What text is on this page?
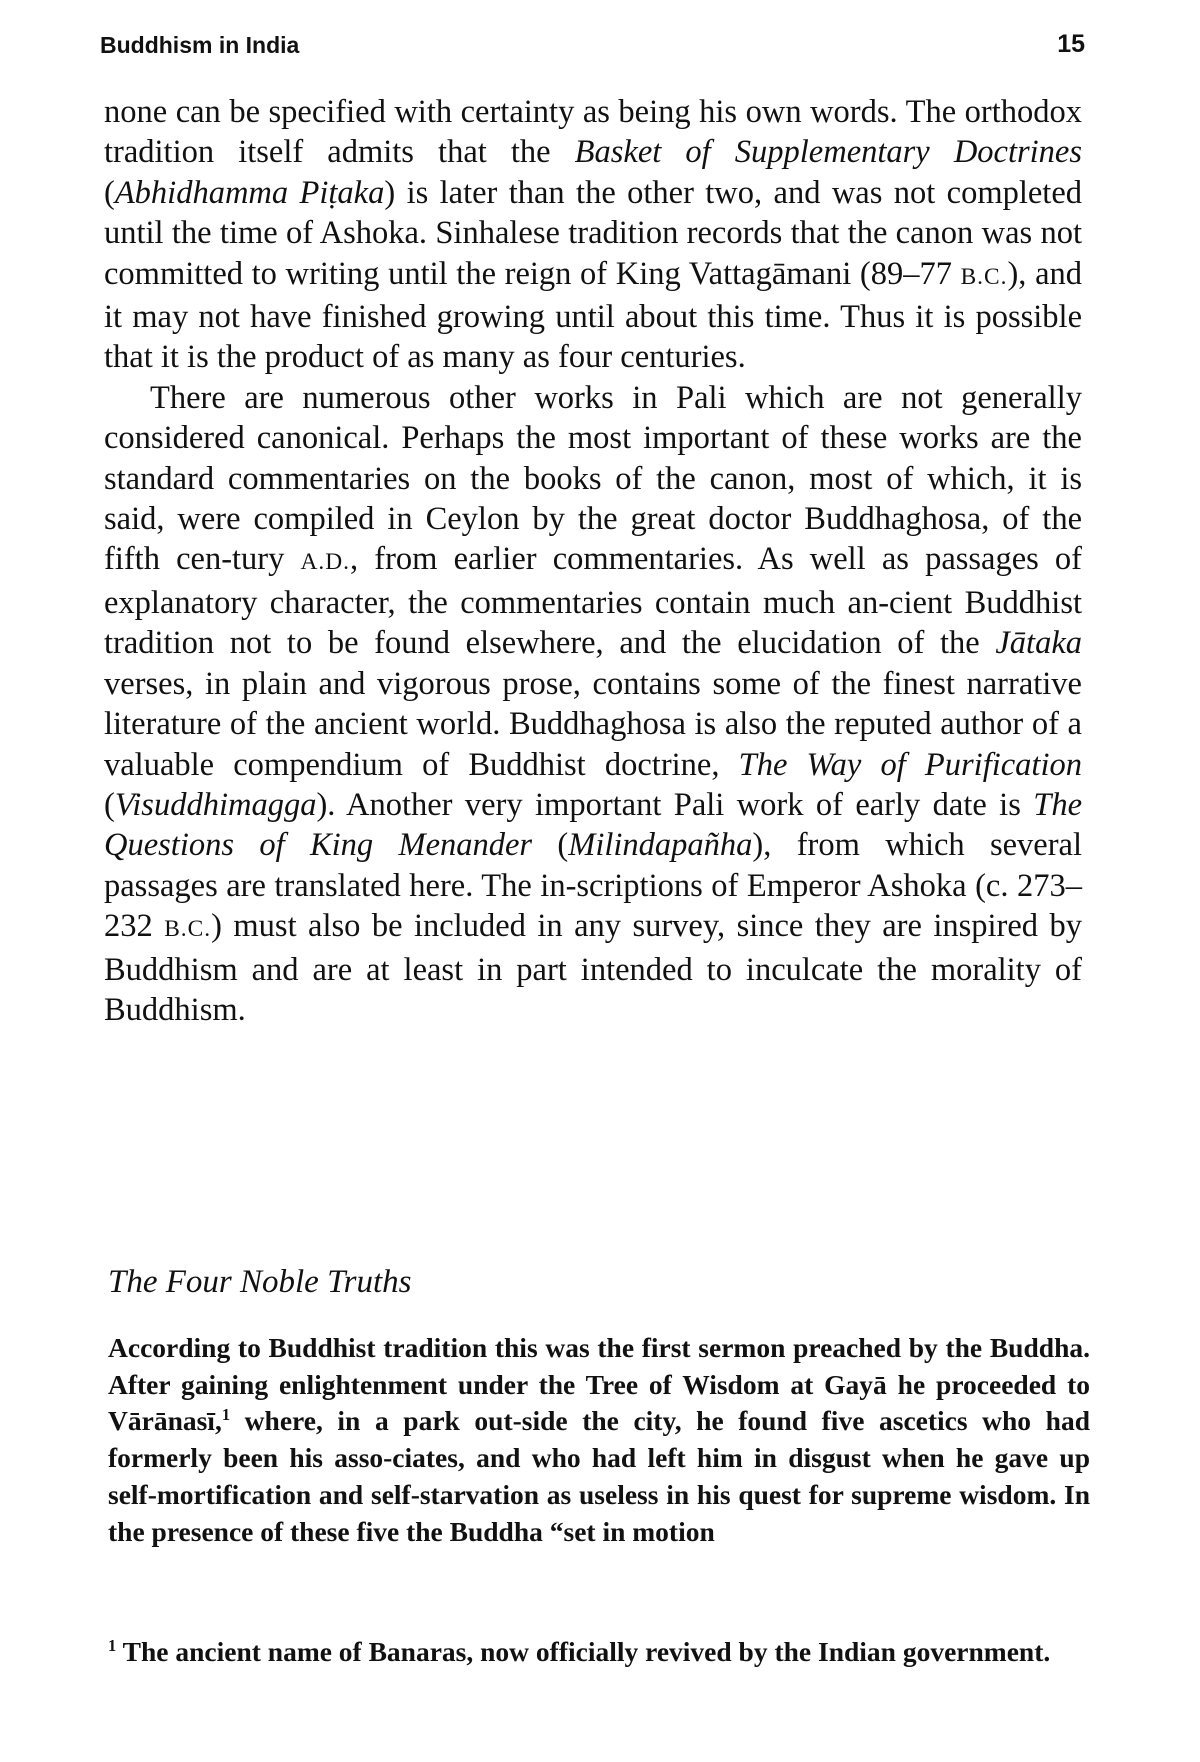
Buddhism in India	15

none can be specified with certainty as being his own words. The orthodox tradition itself admits that the Basket of Supplementary Doctrines (Abhidhamma Piṭaka) is later than the other two, and was not completed until the time of Ashoka. Sinhalese tradition records that the canon was not committed to writing until the reign of King Vattagāmani (89–77 B.C.), and it may not have finished growing until about this time. Thus it is possible that it is the product of as many as four centuries.

There are numerous other works in Pali which are not generally considered canonical. Perhaps the most important of these works are the standard commentaries on the books of the canon, most of which, it is said, were compiled in Ceylon by the great doctor Buddhaghosa, of the fifth cen-tury A.D., from earlier commentaries. As well as passages of explanatory character, the commentaries contain much an-cient Buddhist tradition not to be found elsewhere, and the elucidation of the Jātaka verses, in plain and vigorous prose, contains some of the finest narrative literature of the ancient world. Buddhaghosa is also the reputed author of a valuable compendium of Buddhist doctrine, The Way of Purification (Visuddhimagga). Another very important Pali work of early date is The Questions of King Menander (Milindapañha), from which several passages are translated here. The in-scriptions of Emperor Ashoka (c. 273–232 B.C.) must also be included in any survey, since they are inspired by Buddhism and are at least in part intended to inculcate the morality of Buddhism.

The Four Noble Truths

According to Buddhist tradition this was the first sermon preached by the Buddha. After gaining enlightenment under the Tree of Wisdom at Gayā he proceeded to Vārānasī,$^1$ where, in a park out-side the city, he found five ascetics who had formerly been his asso-ciates, and who had left him in disgust when he gave up self-mortification and self-starvation as useless in his quest for supreme wisdom. In the presence of these five the Buddha “set in motion

$^1$ The ancient name of Banaras, now officially revived by the Indian government.
